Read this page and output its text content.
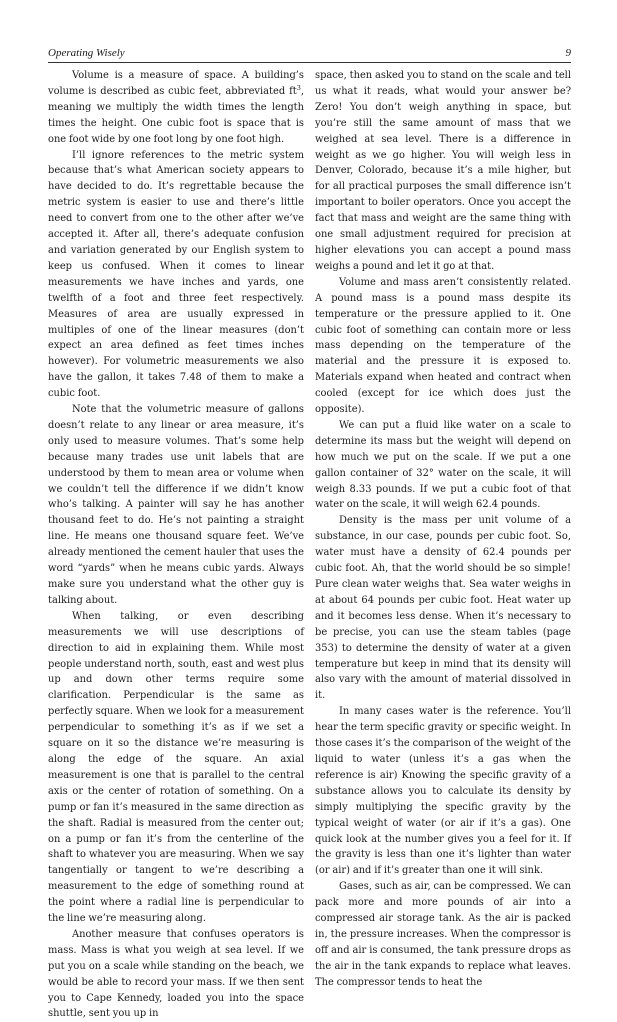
Operating Wisely	9

Volume is a measure of space. A building’s volume is described as cubic feet, abbreviated $ft^3$, meaning we multiply the width times the length times the height. One cubic foot is space that is one foot wide by one foot long by one foot high.

I’ll ignore references to the metric system because that’s what American society appears to have decided to do. It’s regrettable because the metric system is easier to use and there’s little need to convert from one to the other after we’ve accepted it. After all, there’s adequate confusion and variation generated by our English system to keep us confused. When it comes to linear measurements we have inches and yards, one twelfth of a foot and three feet respectively. Measures of area are usually expressed in multiples of one of the linear measures (don’t expect an area defined as feet times inches however). For volumetric measurements we also have the gallon, it takes 7.48 of them to make a cubic foot.

Note that the volumetric measure of gallons doesn’t relate to any linear or area measure, it’s only used to measure volumes. That’s some help because many trades use unit labels that are understood by them to mean area or volume when we couldn’t tell the difference if we didn’t know who’s talking. A painter will say he has another thousand feet to do. He’s not painting a straight line. He means one thousand square feet. We’ve already mentioned the cement hauler that uses the word “yards” when he means cubic yards. Always make sure you understand what the other guy is talking about.

When talking, or even describing measurements we will use descriptions of direction to aid in explaining them. While most people understand north, south, east and west plus up and down other terms require some clarification. Perpendicular is the same as perfectly square. When we look for a measurement perpendicular to something it’s as if we set a square on it so the distance we’re measuring is along the edge of the square. An axial measurement is one that is parallel to the central axis or the center of rotation of something. On a pump or fan it’s measured in the same direction as the shaft. Radial is measured from the center out; on a pump or fan it’s from the centerline of the shaft to whatever you are measuring. When we say tangentially or tangent to we’re describing a measurement to the edge of something round at the point where a radial line is perpendicular to the line we’re measuring along.

Another measure that confuses operators is mass. Mass is what you weigh at sea level. If we put you on a scale while standing on the beach, we would be able to record your mass. If we then sent you to Cape Kennedy, loaded you into the space shuttle, sent you up in

space, then asked you to stand on the scale and tell us what it reads, what would your answer be? Zero! You don’t weigh anything in space, but you’re still the same amount of mass that we weighed at sea level. There is a difference in weight as we go higher. You will weigh less in Denver, Colorado, because it’s a mile higher, but for all practical purposes the small difference isn’t important to boiler operators. Once you accept the fact that mass and weight are the same thing with one small adjustment required for precision at higher elevations you can accept a pound mass weighs a pound and let it go at that.

Volume and mass aren’t consistently related. A pound mass is a pound mass despite its temperature or the pressure applied to it. One cubic foot of something can contain more or less mass depending on the temperature of the material and the pressure it is exposed to. Materials expand when heated and contract when cooled (except for ice which does just the opposite).

We can put a fluid like water on a scale to determine its mass but the weight will depend on how much we put on the scale. If we put a one gallon container of 32° water on the scale, it will weigh 8.33 pounds. If we put a cubic foot of that water on the scale, it will weigh 62.4 pounds.

Density is the mass per unit volume of a substance, in our case, pounds per cubic foot. So, water must have a density of 62.4 pounds per cubic foot. Ah, that the world should be so simple! Pure clean water weighs that. Sea water weighs in at about 64 pounds per cubic foot. Heat water up and it becomes less dense. When it’s necessary to be precise, you can use the steam tables (page 353) to determine the density of water at a given temperature but keep in mind that its density will also vary with the amount of material dissolved in it.

In many cases water is the reference. You’ll hear the term specific gravity or specific weight. In those cases it’s the comparison of the weight of the liquid to water (unless it’s a gas when the reference is air) Knowing the specific gravity of a substance allows you to calculate its density by simply multiplying the specific gravity by the typical weight of water (or air if it’s a gas). One quick look at the number gives you a feel for it. If the gravity is less than one it’s lighter than water (or air) and if it’s greater than one it will sink.

Gases, such as air, can be compressed. We can pack more and more pounds of air into a compressed air storage tank. As the air is packed in, the pressure increases. When the compressor is off and air is consumed, the tank pressure drops as the air in the tank expands to replace what leaves. The compressor tends to heat the
